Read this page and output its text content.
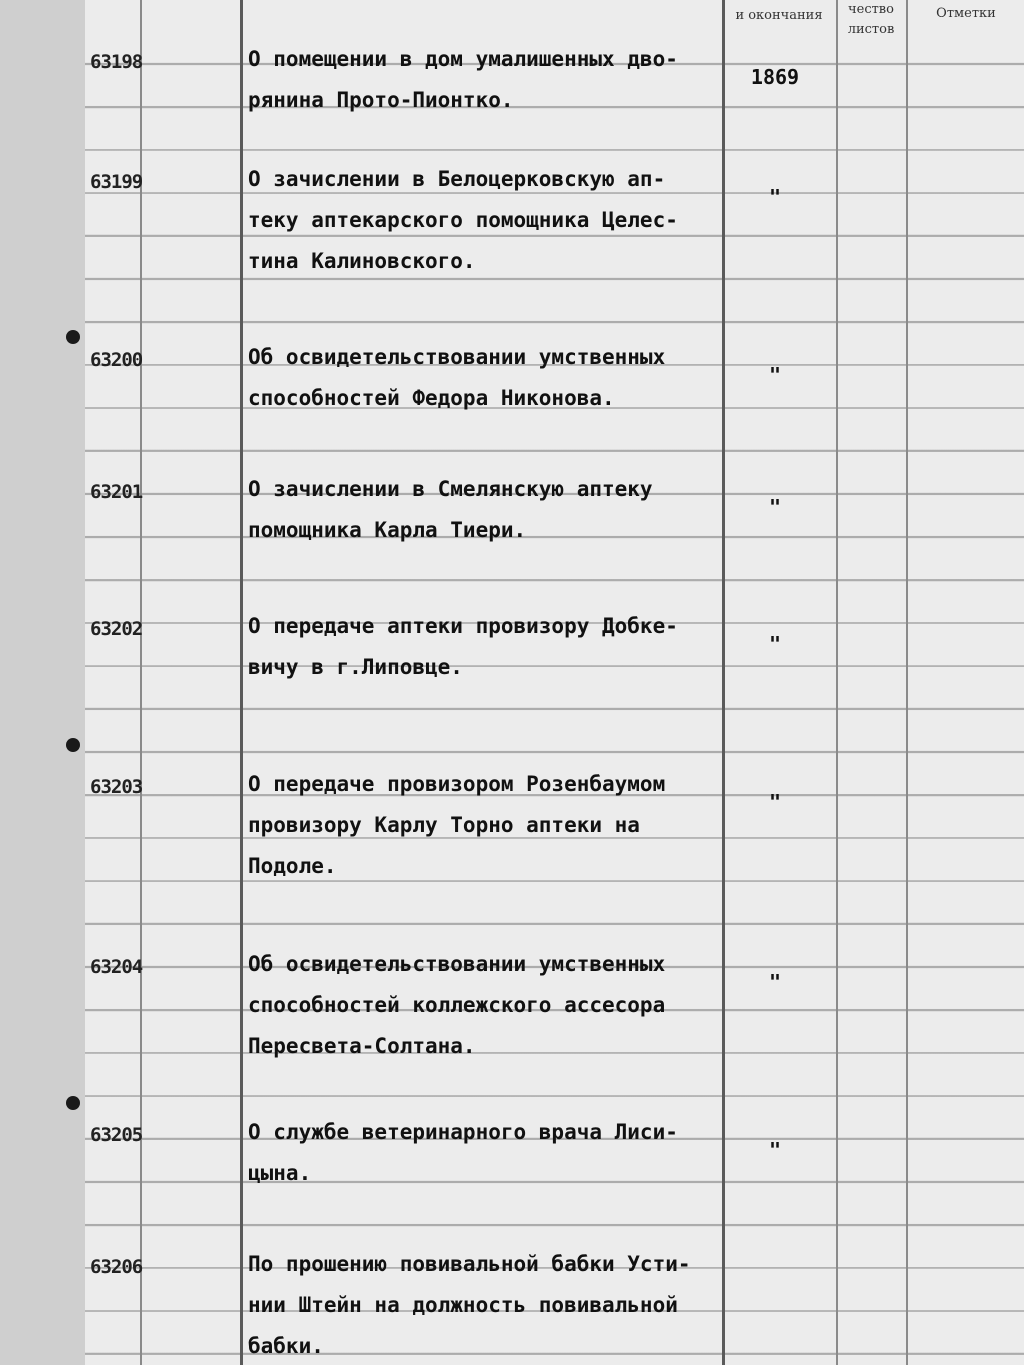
и окончания	чество
листов
Отметки
63198	О помещении в дом умалишенных дво-
рянина Прото-Пионтко.
1869
63199	О зачислении в Белоцерковскую ап-
теку аптекарского помощника Целес-
тина Калиновского.
"
63200	Об освидетельствовании умственных
способностей Федора Никонова.
"
63201	О зачислении в Смелянскую аптеку
помощника Карла Тиери.
"
63202	О передаче аптеки провизору Добке-
вичу в г.Липовце.
"
63203	О передаче провизором Розенбаумом
провизору Карлу Торно аптеки на
Подоле.
"
63204	Об освидетельствовании умственных
способностей коллежского ассесора
Пересвета-Солтана.
"
63205	О службе ветеринарного врача Лиси-
цына.
"
63206	По прошению повивальной бабки Усти-
нии Штейн на должность повивальной
бабки.
